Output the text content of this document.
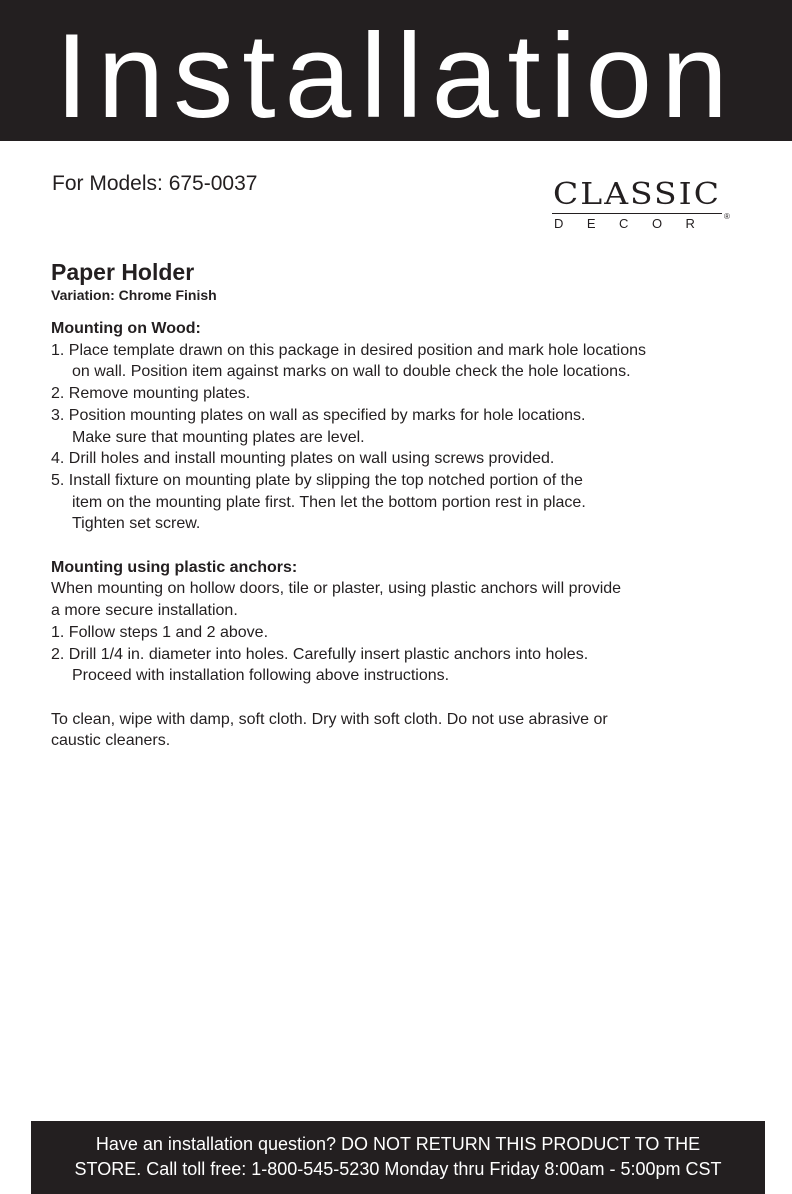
Installation
For Models: 675-0037	CLASSIC
DECOR ®

Paper Holder

Variation: Chrome Finish

Mounting on Wood:

1. Place template drawn on this package in desired position and mark hole locations

on wall. Position item against marks on wall to double check the hole locations.

2. Remove mounting plates.

3. Position mounting plates on wall as specified by marks for hole locations.

Make sure that mounting plates are level.

4. Drill holes and install mounting plates on wall using screws provided.

5. Install fixture on mounting plate by slipping the top notched portion of the

item on the mounting plate first. Then let the bottom portion rest in place.

Tighten set screw.

Mounting using plastic anchors:

When mounting on hollow doors, tile or plaster, using plastic anchors will provide

a more secure installation.

1. Follow steps 1 and 2 above.

2. Drill 1/4 in. diameter into holes. Carefully insert plastic anchors into holes.

Proceed with installation following above instructions.

To clean, wipe with damp, soft cloth. Dry with soft cloth. Do not use abrasive or

caustic cleaners.

Have an installation question? DO NOT RETURN THIS PRODUCT TO THE
STORE. Call toll free: 1-800-545-5230 Monday thru Friday 8:00am - 5:00pm CST
